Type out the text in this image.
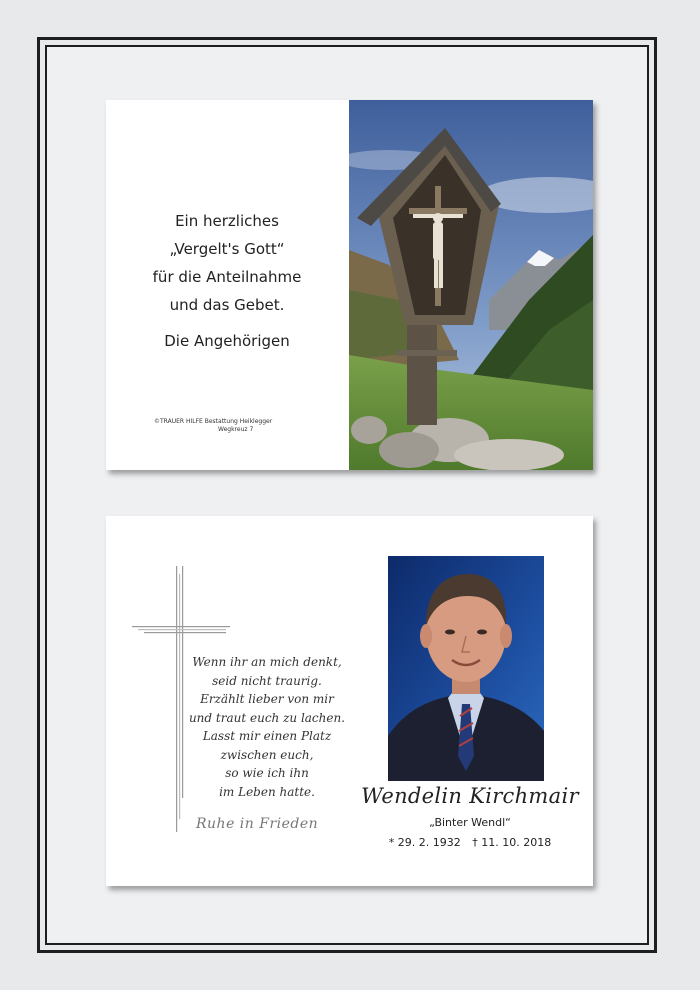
Ein herzliches
„Vergelt's Gott“
für die Anteilnahme
und das Gebet.
Die Angehörigen
©TRAUER HILFE Bestattung Heiklegger
Wegkreuz 7
Wenn ihr an mich denkt,
seid nicht traurig.
Erzählt lieber von mir
und traut euch zu lachen.
Lasst mir einen Platz
zwischen euch,
so wie ich ihn
im Leben hatte.
Ruhe in Frieden
Wendelin Kirchmair
„Binter Wendl“
* 29. 2. 1932 † 11. 10. 2018
